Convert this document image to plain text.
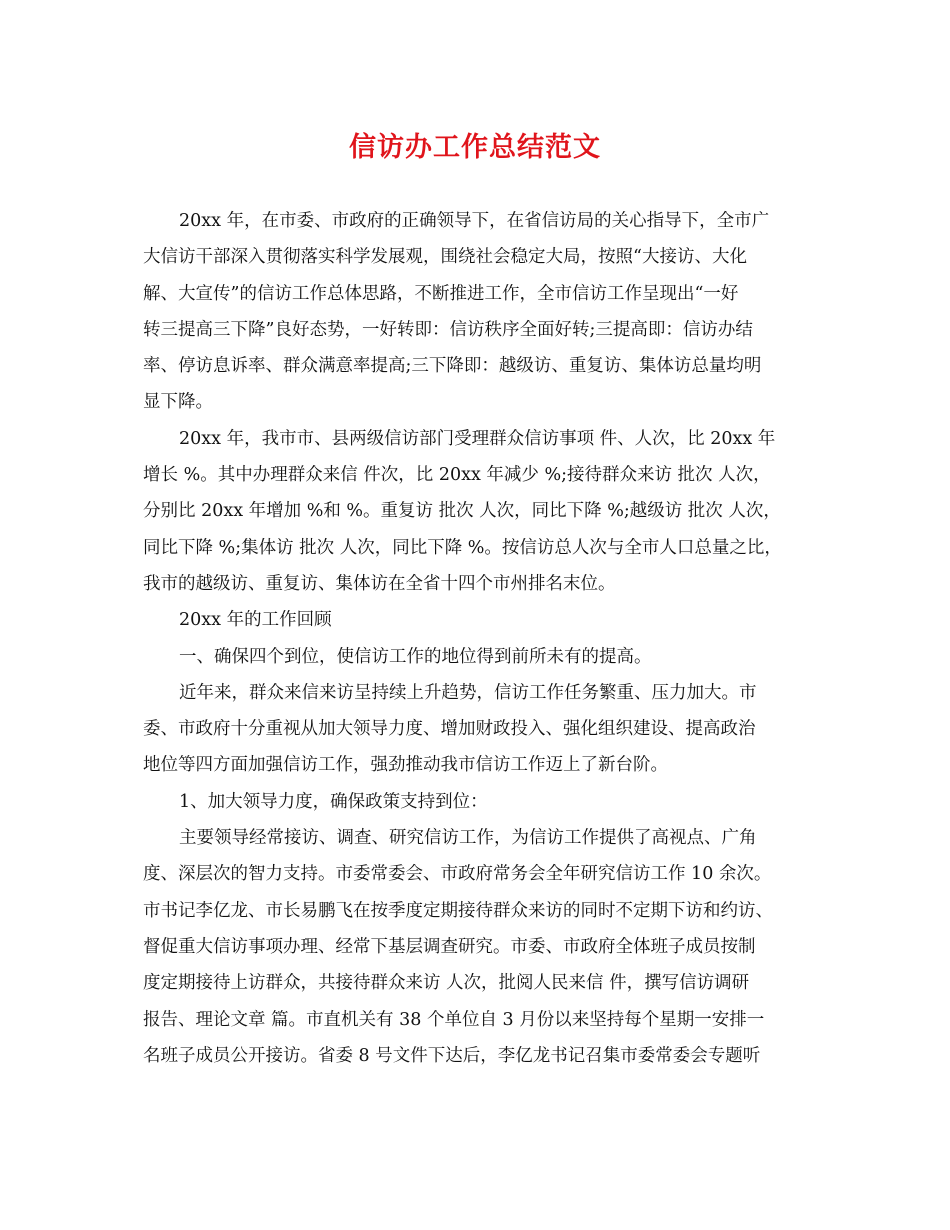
信访办工作总结范文
20xx 年，在市委、市政府的正确领导下，在省信访局的关心指导下，全市广
大信访干部深入贯彻落实科学发展观，围绕社会稳定大局，按照“大接访、大化
解、大宣传”的信访工作总体思路，不断推进工作，全市信访工作呈现出“一好
转三提高三下降”良好态势，一好转即：信访秩序全面好转;三提高即：信访办结
率、停访息诉率、群众满意率提高;三下降即：越级访、重复访、集体访总量均明
显下降。
20xx 年，我市市、县两级信访部门受理群众信访事项 件、人次，比 20xx 年
增长 %。其中办理群众来信 件次，比 20xx 年减少 %;接待群众来访 批次 人次，
分别比 20xx 年增加 %和 %。重复访 批次 人次，同比下降 %;越级访 批次 人次，
同比下降 %;集体访 批次 人次，同比下降 %。按信访总人次与全市人口总量之比，
我市的越级访、重复访、集体访在全省十四个市州排名末位。
20xx 年的工作回顾
一、确保四个到位，使信访工作的地位得到前所未有的提高。
近年来，群众来信来访呈持续上升趋势，信访工作任务繁重、压力加大。市
委、市政府十分重视从加大领导力度、增加财政投入、强化组织建设、提高政治
地位等四方面加强信访工作，强劲推动我市信访工作迈上了新台阶。
1、加大领导力度，确保政策支持到位：
主要领导经常接访、调查、研究信访工作，为信访工作提供了高视点、广角
度、深层次的智力支持。市委常委会、市政府常务会全年研究信访工作 10 余次。
市书记李亿龙、市长易鹏飞在按季度定期接待群众来访的同时不定期下访和约访、
督促重大信访事项办理、经常下基层调查研究。市委、市政府全体班子成员按制
度定期接待上访群众，共接待群众来访 人次，批阅人民来信 件，撰写信访调研
报告、理论文章 篇。市直机关有 38 个单位自 3 月份以来坚持每个星期一安排一
名班子成员公开接访。省委 8 号文件下达后，李亿龙书记召集市委常委会专题听
